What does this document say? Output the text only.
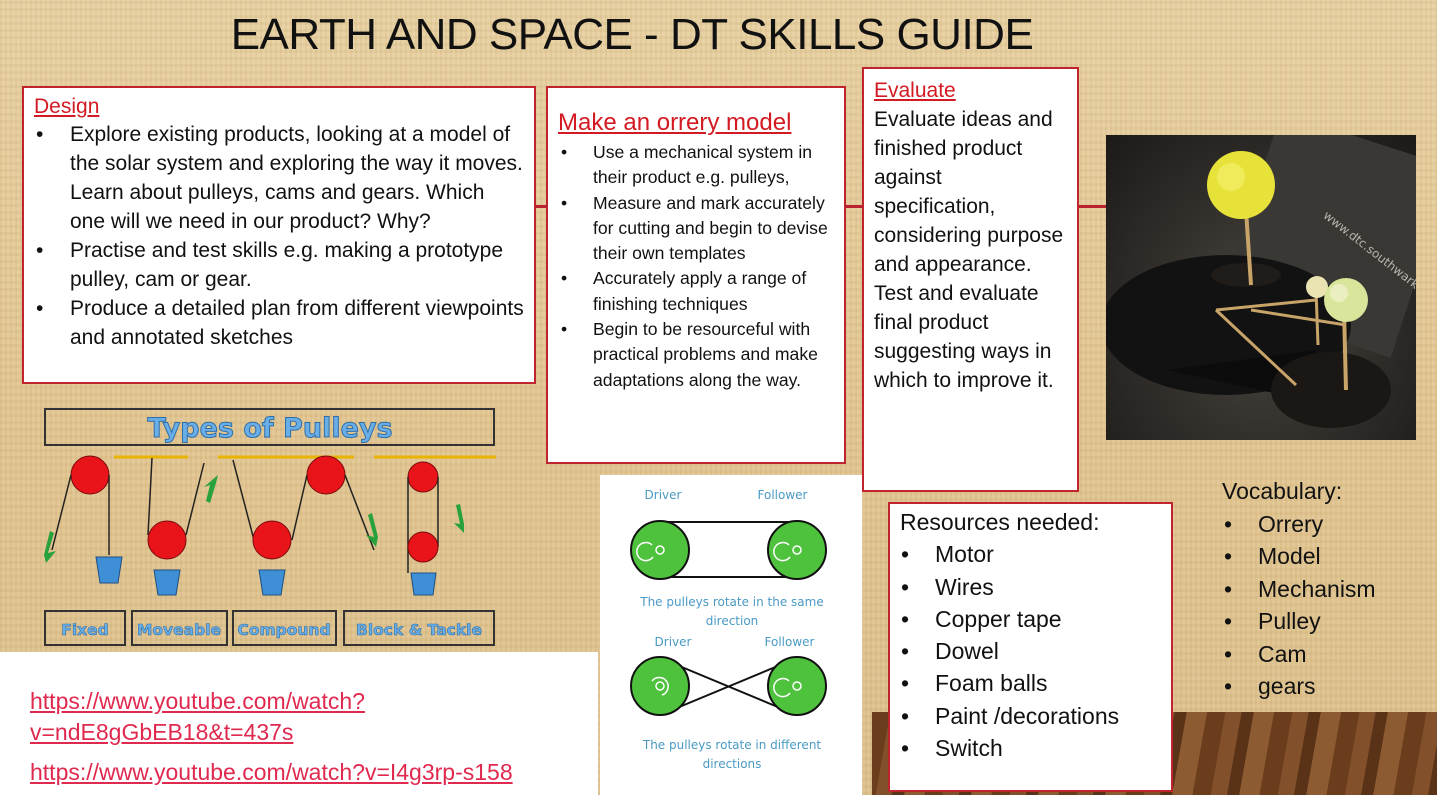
EARTH AND SPACE - DT SKILLS GUIDE
Design
• Explore existing products, looking at a model of the solar system and exploring the way it moves. Learn about pulleys, cams and gears. Which one will we need in our product? Why?
• Practise and test skills e.g. making a prototype pulley, cam or gear.
• Produce a detailed plan from different viewpoints and annotated sketches
Make an orrery model
• Use a mechanical system in their product e.g. pulleys,
• Measure and mark accurately for cutting and begin to devise their own templates
• Accurately apply a range of finishing techniques
• Begin to be resourceful with practical problems and make adaptations along the way.
Evaluate
Evaluate ideas and finished product against specification, considering purpose and appearance.
Test and evaluate final product suggesting ways in which to improve it.
Types of Pulleys
Fixed Moveable Compound Block & Tackle
https://www.youtube.com/watch?v=ndE8gGbEB18&t=437s
https://www.youtube.com/watch?v=I4g3rp-s158
Driver	Follower
The pulleys rotate in the same direction
Driver	Follower
The pulleys rotate in different directions
Resources needed:
• Motor
• Wires
• Copper tape
• Dowel
• Foam balls
• Paint /decorations
• Switch
Vocabulary:
• Orrery
• Model
• Mechanism
• Pulley
• Cam
• gears
